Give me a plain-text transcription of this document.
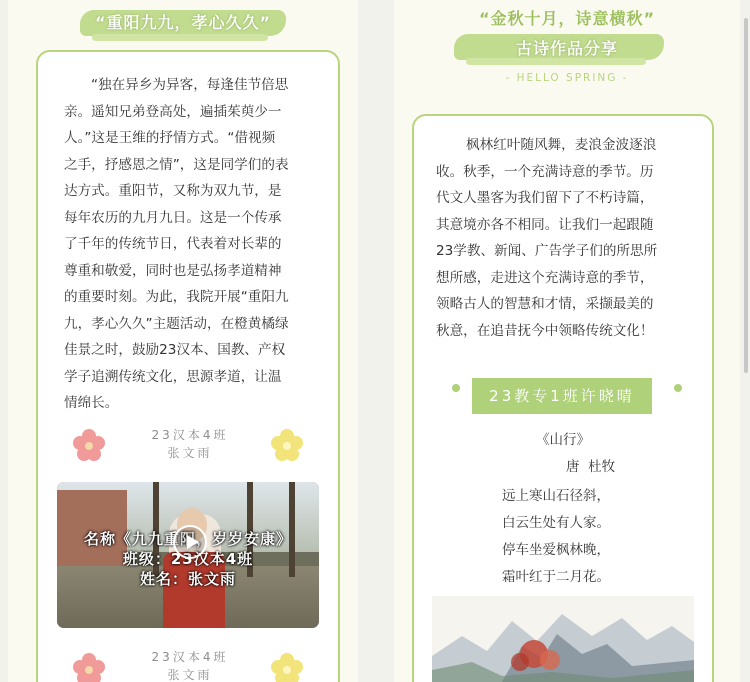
“重阳九九，孝心久久”
“独在异乡为异客，每逢佳节倍思
亲。遥知兄弟登高处，遍插茱萸少一
人。”这是王维的抒情方式。“借视频
之手，抒感恩之情”，这是同学们的表
达方式。重阳节，又称为双九节，是
每年农历的九月九日。这是一个传承
了千年的传统节日，代表着对长辈的
尊重和敬爱，同时也是弘扬孝道精神
的重要时刻。为此，我院开展“重阳九
九，孝心久久”主题活动，在橙黄橘绿
佳景之时，鼓励23汉本、国教、产权
学子追溯传统文化，思源孝道，让温
情绵长。
23汉本4班
张文雨
名称《九九重阳，岁岁安康》
班级：23汉本4班
姓名：张文雨
23汉本4班
张文雨
“金秋十月，诗意横秋”
古诗作品分享
- HELLO SPRING -
枫林红叶随风舞，麦浪金波逐浪
收。秋季，一个充满诗意的季节。历
代文人墨客为我们留下了不朽诗篇，
其意境亦各不相同。让我们一起跟随
23学教、新闻、广告学子们的所思所
想所感，走进这个充满诗意的季节，
领略古人的智慧和才情，采撷最美的
秋意，在追昔抚今中领略传统文化！
23教专1班许晓晴
《山行》
唐  杜牧
远上寒山石径斜，
白云生处有人家。
停车坐爱枫林晚，
霜叶红于二月花。
